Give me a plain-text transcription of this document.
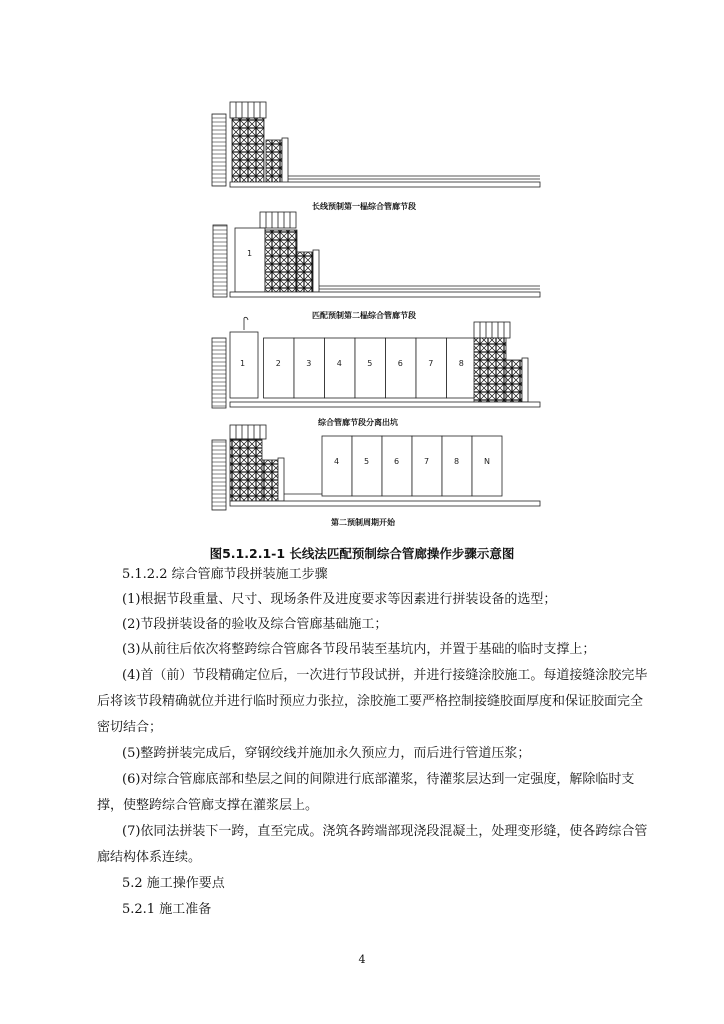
1
1	2	3	4	5	6	7	8
4	5	6	7	8	N
长线预制第一榀综合管廊节段
匹配预制第二榀综合管廊节段
综合管廊节段分离出坑
第二预制周期开始
图5.1.2.1-1 长线法匹配预制综合管廊操作步骤示意图
5.1.2.2 综合管廊节段拼装施工步骤
(1)根据节段重量、尺寸、现场条件及进度要求等因素进行拼装设备的选型；
(2)节段拼装设备的验收及综合管廊基础施工；
(3)从前往后依次将整跨综合管廊各节段吊装至基坑内，并置于基础的临时支撑上；
(4)首（前）节段精确定位后，一次进行节段试拼，并进行接缝涂胶施工。每道接缝涂胶完毕
后将该节段精确就位并进行临时预应力张拉，涂胶施工要严格控制接缝胶面厚度和保证胶面完全
密切结合；
(5)整跨拼装完成后，穿钢绞线并施加永久预应力，而后进行管道压浆；
(6)对综合管廊底部和垫层之间的间隙进行底部灌浆，待灌浆层达到一定强度，解除临时支
撑，使整跨综合管廊支撑在灌浆层上。
(7)依同法拼装下一跨，直至完成。浇筑各跨端部现浇段混凝土，处理变形缝，使各跨综合管
廊结构体系连续。
5.2 施工操作要点
5.2.1 施工准备
4
